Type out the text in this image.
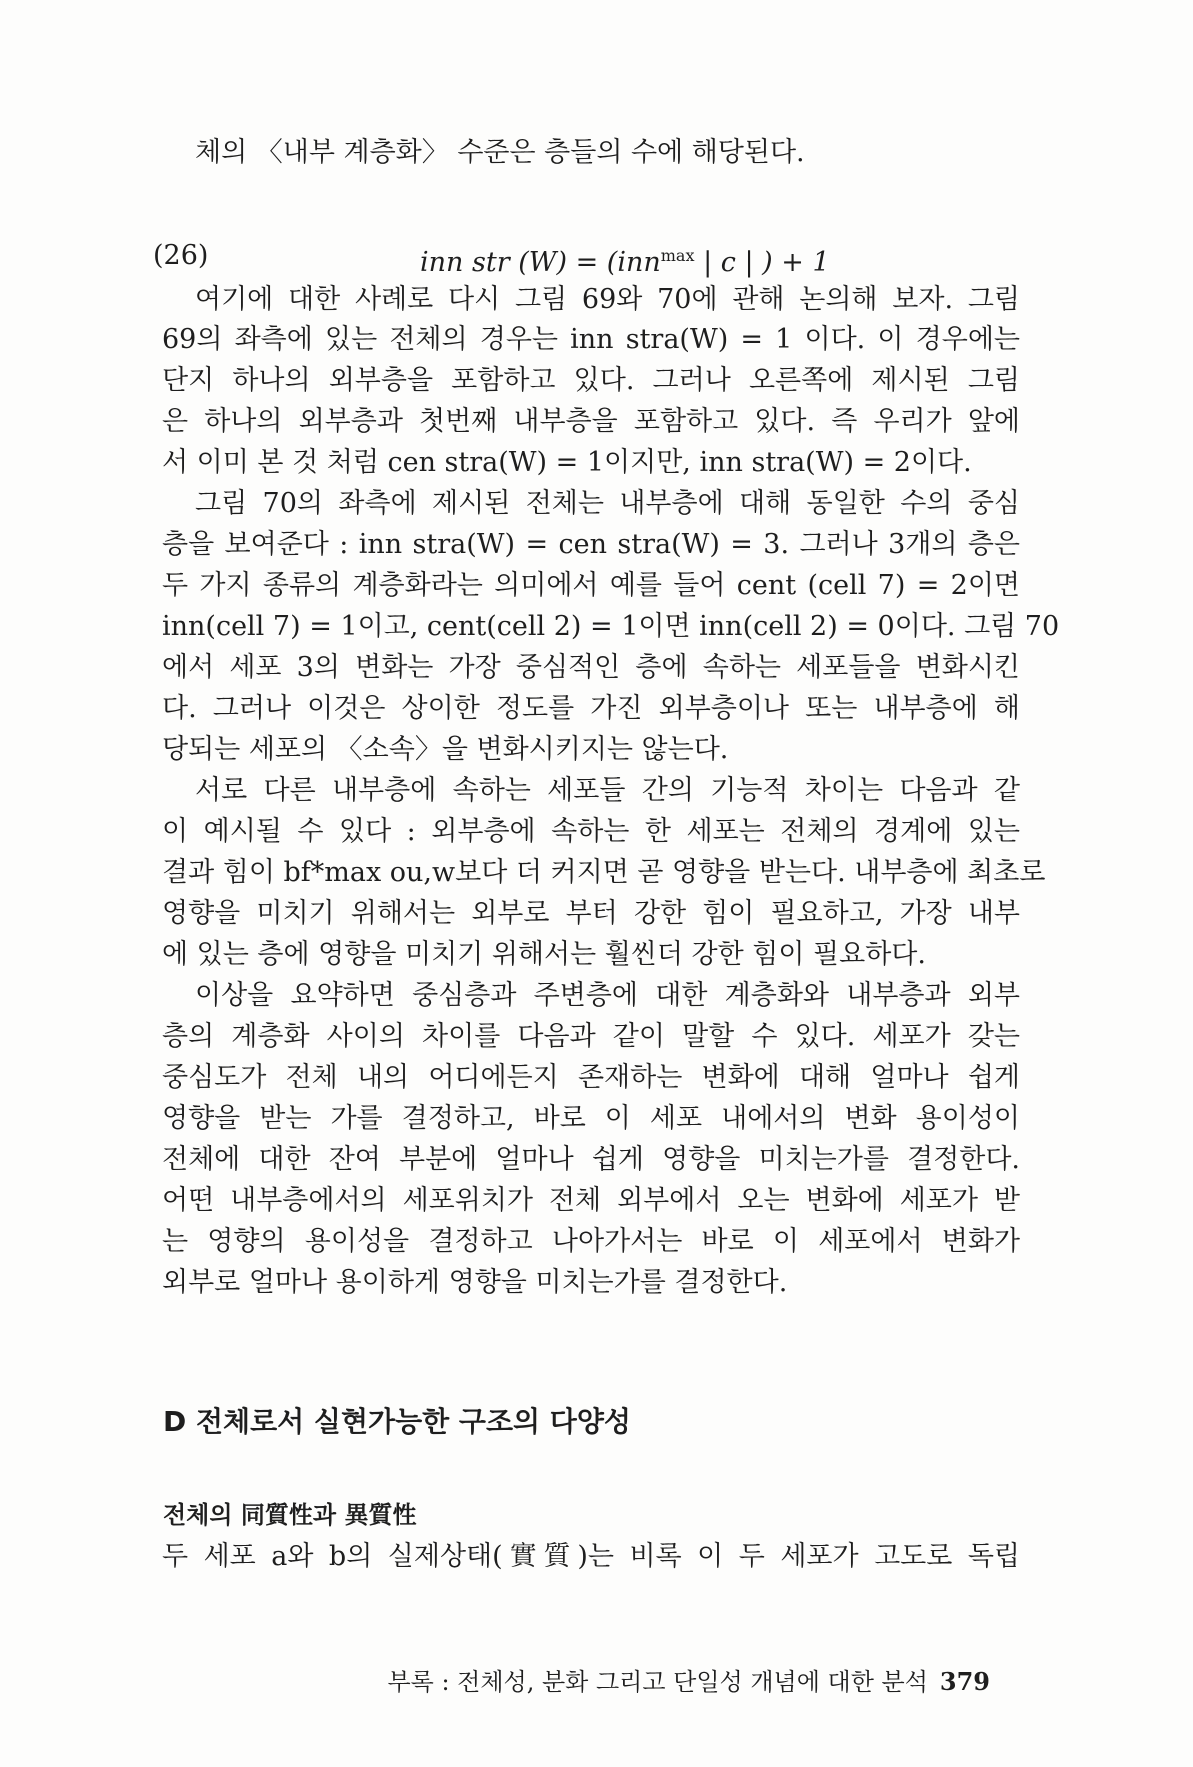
체의 〈내부 계층화〉 수준은 층들의 수에 해당된다.
(26)	inn str (W) = (inn$^{max}$ | c | ) + 1
여기에 대한 사례로 다시 그림 69와 70에 관해 논의해 보자. 그림
69의 좌측에 있는 전체의 경우는 inn stra(W) = 1 이다. 이 경우에는
단지 하나의 외부층을 포함하고 있다. 그러나 오른쪽에 제시된 그림
은 하나의 외부층과 첫번째 내부층을 포함하고 있다. 즉 우리가 앞에
서 이미 본 것 처럼 cen stra(W) = 1이지만, inn stra(W) = 2이다.
그림 70의 좌측에 제시된 전체는 내부층에 대해 동일한 수의 중심
층을 보여준다 : inn stra(W) = cen stra(W) = 3. 그러나 3개의 층은
두 가지 종류의 계층화라는 의미에서 예를 들어 cent (cell 7) = 2이면
inn(cell 7) = 1이고, cent(cell 2) = 1이면 inn(cell 2) = 0이다. 그림 70
에서 세포 3의 변화는 가장 중심적인 층에 속하는 세포들을 변화시킨
다. 그러나 이것은 상이한 정도를 가진 외부층이나 또는 내부층에 해
당되는 세포의 〈소속〉을 변화시키지는 않는다.
서로 다른 내부층에 속하는 세포들 간의 기능적 차이는 다음과 같
이 예시될 수 있다 : 외부층에 속하는 한 세포는 전체의 경계에 있는
결과 힘이 bf*max ou,w보다 더 커지면 곧 영향을 받는다. 내부층에 최초로
영향을 미치기 위해서는 외부로 부터 강한 힘이 필요하고, 가장 내부
에 있는 층에 영향을 미치기 위해서는 훨씬더 강한 힘이 필요하다.
이상을 요약하면 중심층과 주변층에 대한 계층화와 내부층과 외부
층의 계층화 사이의 차이를 다음과 같이 말할 수 있다. 세포가 갖는
중심도가 전체 내의 어디에든지 존재하는 변화에 대해 얼마나 쉽게
영향을 받는 가를 결정하고, 바로 이 세포 내에서의 변화 용이성이
전체에 대한 잔여 부분에 얼마나 쉽게 영향을 미치는가를 결정한다.
어떤 내부층에서의 세포위치가 전체 외부에서 오는 변화에 세포가 받
는 영향의 용이성을 결정하고 나아가서는 바로 이 세포에서 변화가
외부로 얼마나 용이하게 영향을 미치는가를 결정한다.
D 전체로서 실현가능한 구조의 다양성
전체의 同質性과 異質性
두 세포 a와 b의 실제상태(實質)는 비록 이 두 세포가 고도로 독립
부록 : 전체성, 분화 그리고 단일성 개념에 대한 분석 379
